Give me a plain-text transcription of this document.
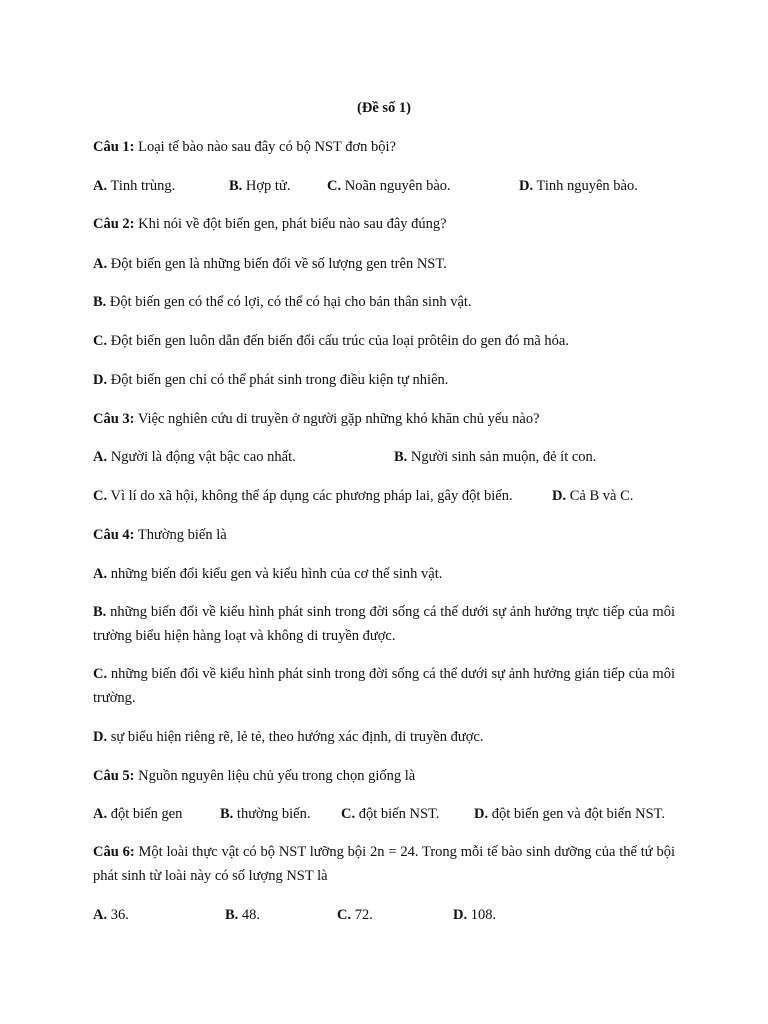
(Đề số 1)
Câu 1: Loại tế bào nào sau đây có bộ NST đơn bội?
A. Tinh trùng.	B. Hợp tử.	C. Noãn nguyên bào.	D. Tinh nguyên bào.
Câu 2: Khi nói về đột biến gen, phát biểu nào sau đây đúng?
A. Đột biến gen là những biến đổi về số lượng gen trên NST.
B. Đột biến gen có thể có lợi, có thể có hại cho bản thân sinh vật.
C. Đột biến gen luôn dẫn đến biến đổi cấu trúc của loại prôtêin do gen đó mã hóa.
D. Đột biến gen chỉ có thể phát sinh trong điều kiện tự nhiên.
Câu 3: Việc nghiên cứu di truyền ở người gặp những khó khăn chủ yếu nào?
A. Người là động vật bậc cao nhất.	B. Người sinh sản muộn, đẻ ít con.
C. Vì lí do xã hội, không thể áp dụng các phương pháp lai, gây đột biến.	D. Cả B và C.
Câu 4: Thường biến là
A. những biến đổi kiểu gen và kiểu hình của cơ thể sinh vật.
B. những biến đổi về kiểu hình phát sinh trong đời sống cá thể dưới sự ảnh hưởng trực tiếp của môi trường biểu hiện hàng loạt và không di truyền được.
C. những biến đổi về kiểu hình phát sinh trong đời sống cá thể dưới sự ảnh hưởng gián tiếp của môi trường.
D. sự biểu hiện riêng rẽ, lẻ tẻ, theo hướng xác định, di truyền được.
Câu 5: Nguồn nguyên liệu chủ yếu trong chọn giống là
A. đột biến gen	B. thường biến. C. đột biến NST. D. đột biến gen và đột biến NST.
Câu 6: Một loài thực vật có bộ NST lưỡng bội 2n = 24. Trong mỗi tế bào sinh dưỡng của thể tứ bội phát sinh từ loài này có số lượng NST là
A. 36.	B. 48.	C. 72.	D. 108.
